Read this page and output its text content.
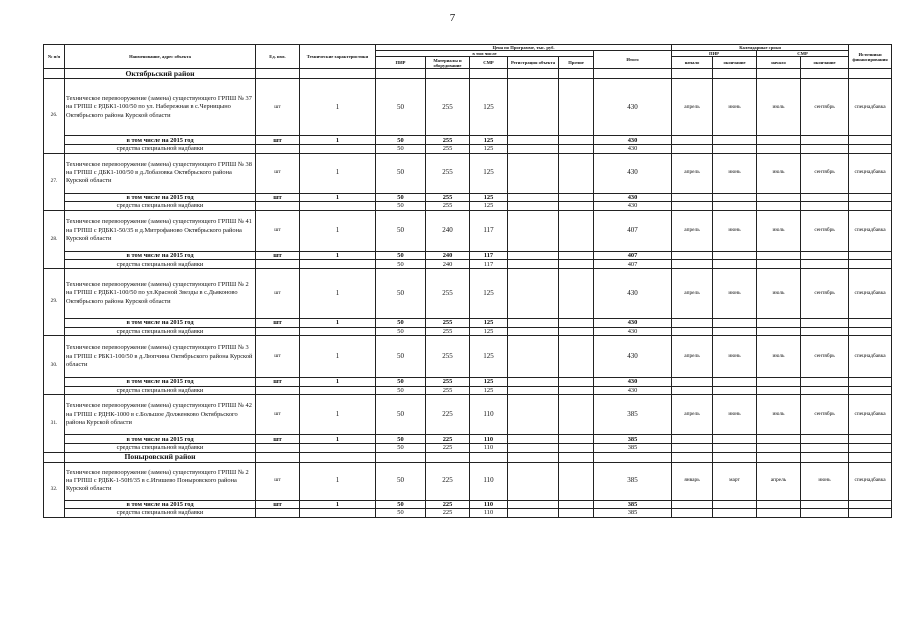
7
№ п/п	Наименование, адрес объекта	Ед. изм.	Технические характеристики	Цена по Программе, тыс. руб.						Календарные сроки				Источники финансирования
				в том числе					Итого	ПИР		СМР		
				ПИР	Материалы и оборудование	СМР	Регистрация объекта	Прочие		начало	окончание	начало	окончание	
	Октябрьский район													
26.	Техническое перевооружение (замена) существующего ГРПШ № 37 на ГРПШ с РДБК1-100/50 по ул. Набережная в с.Черницыно Октябрьского района Курской области	шт	1	50	255	125			430	апрель	июнь	июль	сентябрь	спецнадбавка
	в том числе на 2015 год	шт	1	50	255	125			430					
	средства специальной надбавки			50	255	125			430					
27.	Техническое перевооружение (замена) существующего ГРПШ № 38 на ГРПШ с ДБК1-100/50 в д.Лобазовка Октябрьского района Курской области	шт	1	50	255	125			430	апрель	июнь	июль	сентябрь	спецнадбавка
	в том числе на 2015 год	шт	1	50	255	125			430					
	средства специальной надбавки			50	255	125			430					
28.	Техническое перевооружение (замена) существующего ГРПШ № 41 на ГРПШ с РДБК1-50/35 в д.Митрофаново Октябрьского района Курской области	шт	1	50	240	117			407	апрель	июнь	июль	сентябрь	спецнадбавка
	в том числе на 2015 год	шт	1	50	240	117			407					
	средства специальной надбавки			50	240	117			407					
29.	Техническое перевооружение (замена) существующего ГРПШ № 2 на ГРПШ с РДБК1-100/50 по ул.Красной Звезды в с.Дьяконово Октябрьского района Курской области	шт	1	50	255	125			430	апрель	июнь	июль	сентябрь	спецнадбавка
	в том числе на 2015 год	шт	1	50	255	125			430					
	средства специальной надбавки			50	255	125			430					
30.	Техническое перевооружение (замена) существующего ГРПШ № 3 на ГРПШ с РБК1-100/50 в д.Люпчина Октябрьского района Курской области	шт	1	50	255	125			430	апрель	июнь	июль	сентябрь	спецнадбавка
	в том числе на 2015 год	шт	1	50	255	125			430					
	средства специальной надбавки			50	255	125			430					
31.	Техническое перевооружение (замена) существующего ГРПШ № 42 на ГРПШ с РДНК-1000 в с.Большое Долженково Октябрьского района Курской области	шт	1	50	225	110			385	апрель	июнь	июль	сентябрь	спецнадбавка
	в том числе на 2015 год	шт	1	50	225	110			385					
	средства специальной надбавки			50	225	110			385					
	Поныровский район													
32.	Техническое перевооружение (замена) существующего ГРПШ № 2 на ГРПШ с РДБК-1-50Н/35 в с.Игишево Поныровского района Курской области	шт	1	50	225	110			385	январь	март	апрель	июнь	спецнадбавка
	в том числе на 2015 год	шт	1	50	225	110			385					
	средства специальной надбавки			50	225	110			385					
